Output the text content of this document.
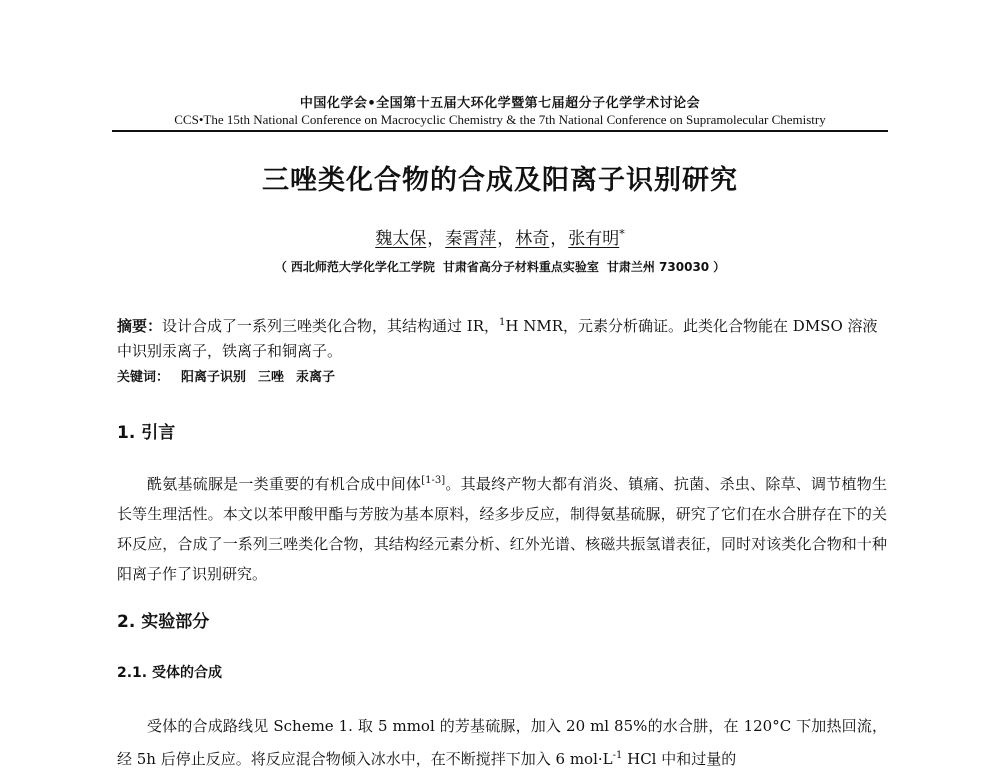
中国化学会•全国第十五届大环化学暨第七届超分子化学学术讨论会
CCS•The 15th National Conference on Macrocyclic Chemistry & the 7th National Conference on Supramolecular Chemistry
三唑类化合物的合成及阳离子识别研究
魏太保，秦霄萍，林奇，张有明*
（ 西北师范大学化学化工学院 甘肃省高分子材料重点实验室 甘肃兰州 730030 ）
摘要：设计合成了一系列三唑类化合物，其结构通过 IR，$^1$H NMR，元素分析确证。此类化合物能在 DMSO 溶液中识别汞离子，铁离子和铜离子。
关键词： 阳离子识别 三唑 汞离子
1. 引言
酰氨基硫脲是一类重要的有机合成中间体[1-3]。其最终产物大都有消炎、镇痛、抗菌、杀虫、除草、调节植物生长等生理活性。本文以苯甲酸甲酯与芳胺为基本原料，经多步反应，制得氨基硫脲，研究了它们在水合肼存在下的关环反应，合成了一系列三唑类化合物，其结构经元素分析、红外光谱、核磁共振氢谱表征，同时对该类化合物和十种阳离子作了识别研究。
2. 实验部分
2.1. 受体的合成
受体的合成路线见 Scheme 1. 取 5 mmol 的芳基硫脲，加入 20 ml 85%的水合肼，在 120°C 下加热回流，经 5h 后停止反应。将反应混合物倾入冰水中，在不断搅拌下加入 6 $mol\cdot L^{-1}$ HCl 中和过量的
